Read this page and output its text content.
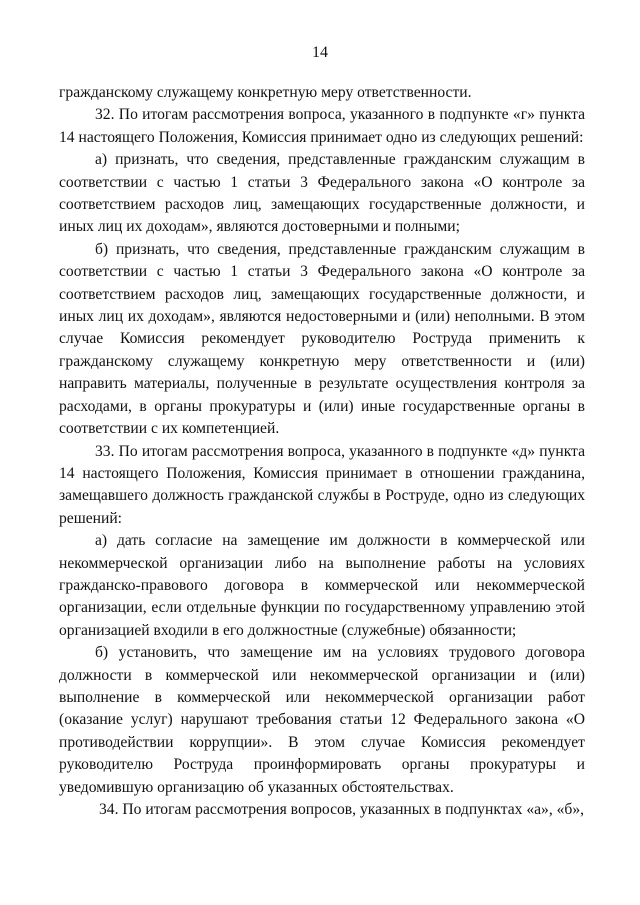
14

гражданскому служащему конкретную меру ответственности.

32. По итогам рассмотрения вопроса, указанного в подпункте «г» пункта 14 настоящего Положения, Комиссия принимает одно из следующих решений:

а) признать, что сведения, представленные гражданским служащим в соответствии с частью 1 статьи 3 Федерального закона «О контроле за соответствием расходов лиц, замещающих государственные должности, и иных лиц их доходам», являются достоверными и полными;

б) признать, что сведения, представленные гражданским служащим в соответствии с частью 1 статьи 3 Федерального закона «О контроле за соответствием расходов лиц, замещающих государственные должности, и иных лиц их доходам», являются недостоверными и (или) неполными. В этом случае Комиссия рекомендует руководителю Роструда применить к гражданскому служащему конкретную меру ответственности и (или) направить материалы, полученные в результате осуществления контроля за расходами, в органы прокуратуры и (или) иные государственные органы в соответствии с их компетенцией.

33. По итогам рассмотрения вопроса, указанного в подпункте «д» пункта 14 настоящего Положения, Комиссия принимает в отношении гражданина, замещавшего должность гражданской службы в Роструде, одно из следующих решений:

а) дать согласие на замещение им должности в коммерческой или некоммерческой организации либо на выполнение работы на условиях гражданско-правового договора в коммерческой или некоммерческой организации, если отдельные функции по государственному управлению этой организацией входили в его должностные (служебные) обязанности;

б) установить, что замещение им на условиях трудового договора должности в коммерческой или некоммерческой организации и (или) выполнение в коммерческой или некоммерческой организации работ (оказание услуг) нарушают требования статьи 12 Федерального закона «О противодействии коррупции». В этом случае Комиссия рекомендует руководителю Роструда проинформировать органы прокуратуры и уведомившую организацию об указанных обстоятельствах.

34. По итогам рассмотрения вопросов, указанных в подпунктах «а», «б»,
